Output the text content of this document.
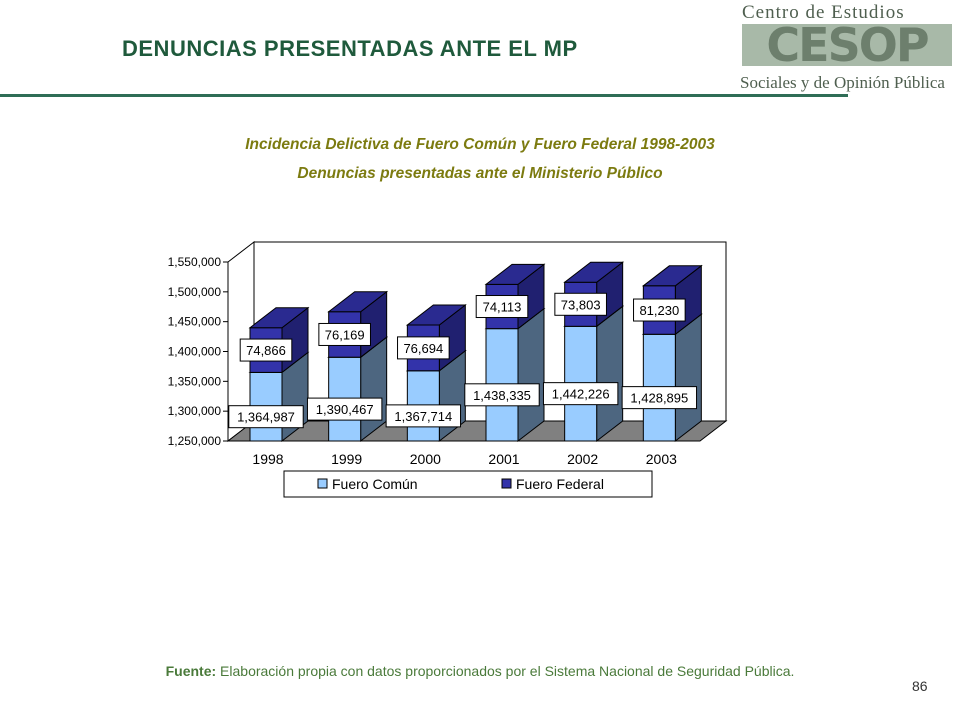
DENUNCIAS PRESENTADAS ANTE EL MP
Centro de Estudios
CESOP
Sociales y de Opinión Pública
Incidencia Delictiva de Fuero Común y Fuero Federal 1998-2003
Denuncias presentadas ante el Ministerio Público
1,250,000
1,300,000
1,350,000
1,400,000
1,450,000
1,500,000
1,550,000
1998
1,364,987
74,866
1999
1,390,467
76,169
2000
1,367,714
76,694
2001
1,438,335
74,113
2002
1,442,226
73,803
2003
1,428,895
81,230
Fuero Común	Fuero Federal
Fuente: Elaboración propia con datos proporcionados por el Sistema Nacional de Seguridad Pública.
86
